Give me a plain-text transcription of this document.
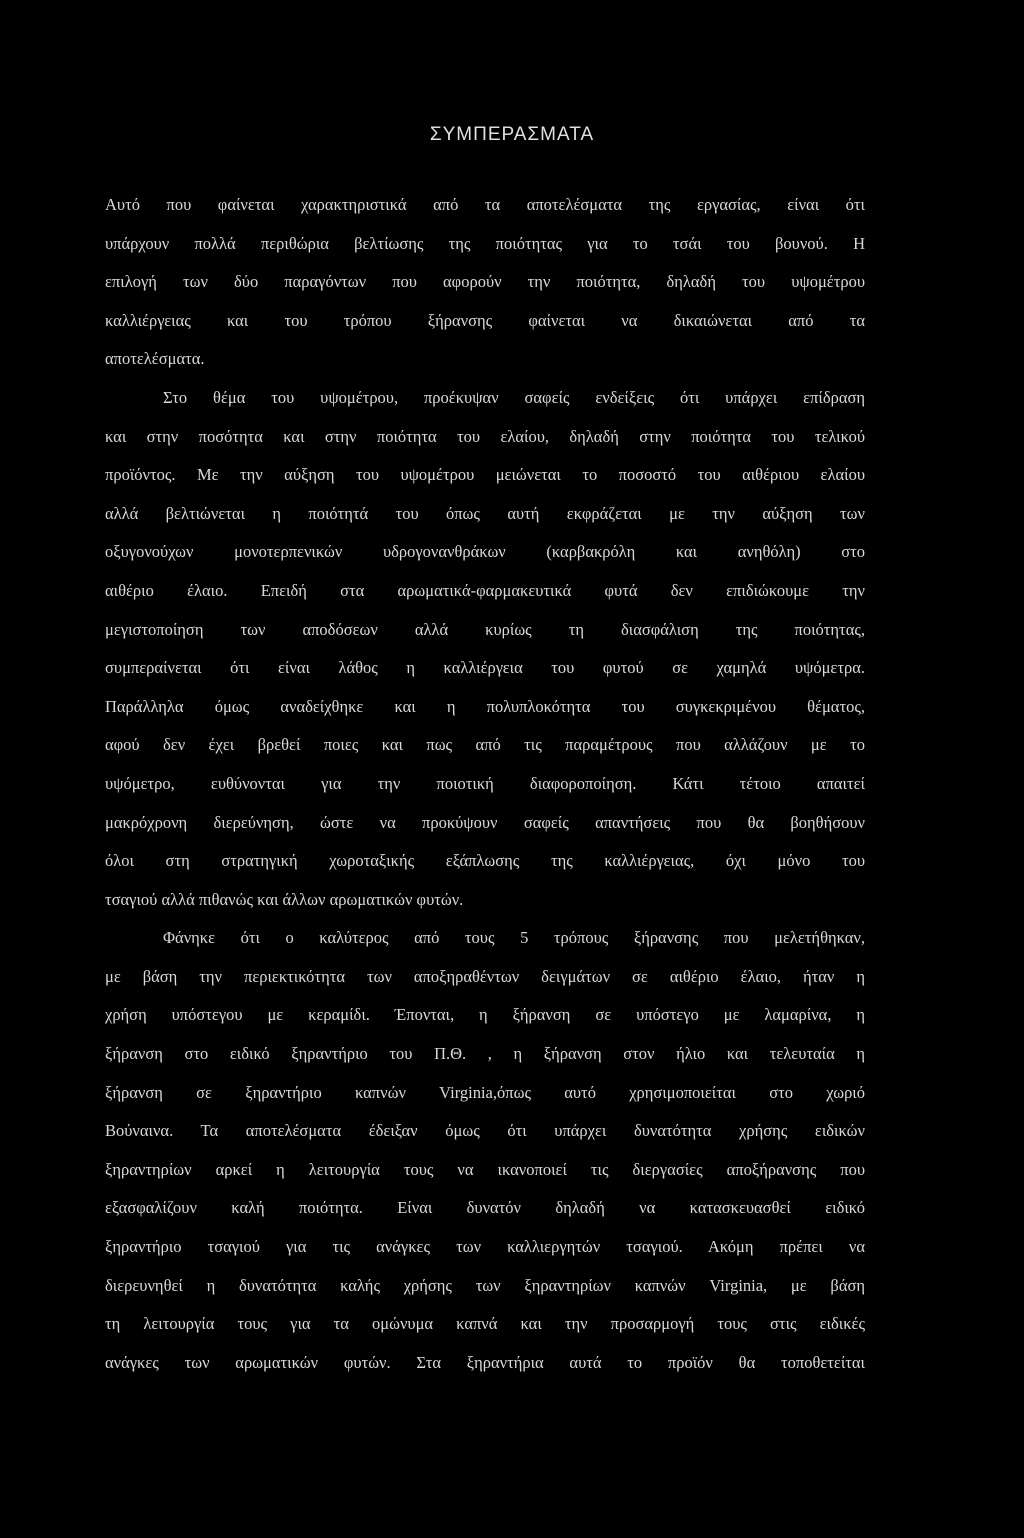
ΣΥΜΠΕΡΑΣΜΑΤΑ
Αυτό που φαίνεται χαρακτηριστικά από τα αποτελέσματα της εργασίας, είναι ότι
υπάρχουν πολλά περιθώρια βελτίωσης της ποιότητας για το τσάι του βουνού. Η
επιλογή των δύο παραγόντων που αφορούν την ποιότητα, δηλαδή του υψομέτρου
καλλιέργειας και του τρόπου ξήρανσης φαίνεται να δικαιώνεται από τα
αποτελέσματα.
Στο θέμα του υψομέτρου, προέκυψαν σαφείς ενδείξεις ότι υπάρχει επίδραση
και στην ποσότητα και στην ποιότητα του ελαίου, δηλαδή στην ποιότητα του τελικού
προϊόντος. Με την αύξηση του υψομέτρου μειώνεται το ποσοστό του αιθέριου ελαίου
αλλά βελτιώνεται η ποιότητά του όπως αυτή εκφράζεται με την αύξηση των
οξυγονούχων μονοτερπενικών υδρογονανθράκων (καρβακρόλη και ανηθόλη) στο
αιθέριο έλαιο. Επειδή στα αρωματικά-φαρμακευτικά φυτά δεν επιδιώκουμε την
μεγιστοποίηση των αποδόσεων αλλά κυρίως τη διασφάλιση της ποιότητας,
συμπεραίνεται ότι είναι λάθος η καλλιέργεια του φυτού σε χαμηλά υψόμετρα.
Παράλληλα όμως αναδείχθηκε και η πολυπλοκότητα του συγκεκριμένου θέματος,
αφού δεν έχει βρεθεί ποιες και πως από τις παραμέτρους που αλλάζουν με το
υψόμετρο, ευθύνονται για την ποιοτική διαφοροποίηση. Κάτι τέτοιο απαιτεί
μακρόχρονη διερεύνηση, ώστε να προκύψουν σαφείς απαντήσεις που θα βοηθήσουν
όλοι στη στρατηγική χωροταξικής εξάπλωσης της καλλιέργειας, όχι μόνο του
τσαγιού αλλά πιθανώς και άλλων αρωματικών φυτών.
Φάνηκε ότι ο καλύτερος από τους 5 τρόπους ξήρανσης που μελετήθηκαν,
με βάση την περιεκτικότητα των αποξηραθέντων δειγμάτων σε αιθέριο έλαιο, ήταν η
χρήση υπόστεγου με κεραμίδι. Έπονται, η ξήρανση σε υπόστεγο με λαμαρίνα, η
ξήρανση στο ειδικό ξηραντήριο του Π.Θ. , η ξήρανση στον ήλιο και τελευταία η
ξήρανση σε ξηραντήριο καπνών Virginia,όπως αυτό χρησιμοποιείται στο χωριό
Βούναινα. Τα αποτελέσματα έδειξαν όμως ότι υπάρχει δυνατότητα χρήσης ειδικών
ξηραντηρίων αρκεί η λειτουργία τους να ικανοποιεί τις διεργασίες αποξήρανσης που
εξασφαλίζουν καλή ποιότητα. Είναι δυνατόν δηλαδή να κατασκευασθεί ειδικό
ξηραντήριο τσαγιού για τις ανάγκες των καλλιεργητών τσαγιού. Ακόμη πρέπει να
διερευνηθεί η δυνατότητα καλής χρήσης των ξηραντηρίων καπνών Virginia, με βάση
τη λειτουργία τους για τα ομώνυμα καπνά και την προσαρμογή τους στις ειδικές
ανάγκες των αρωματικών φυτών. Στα ξηραντήρια αυτά το προϊόν θα τοποθετείται
